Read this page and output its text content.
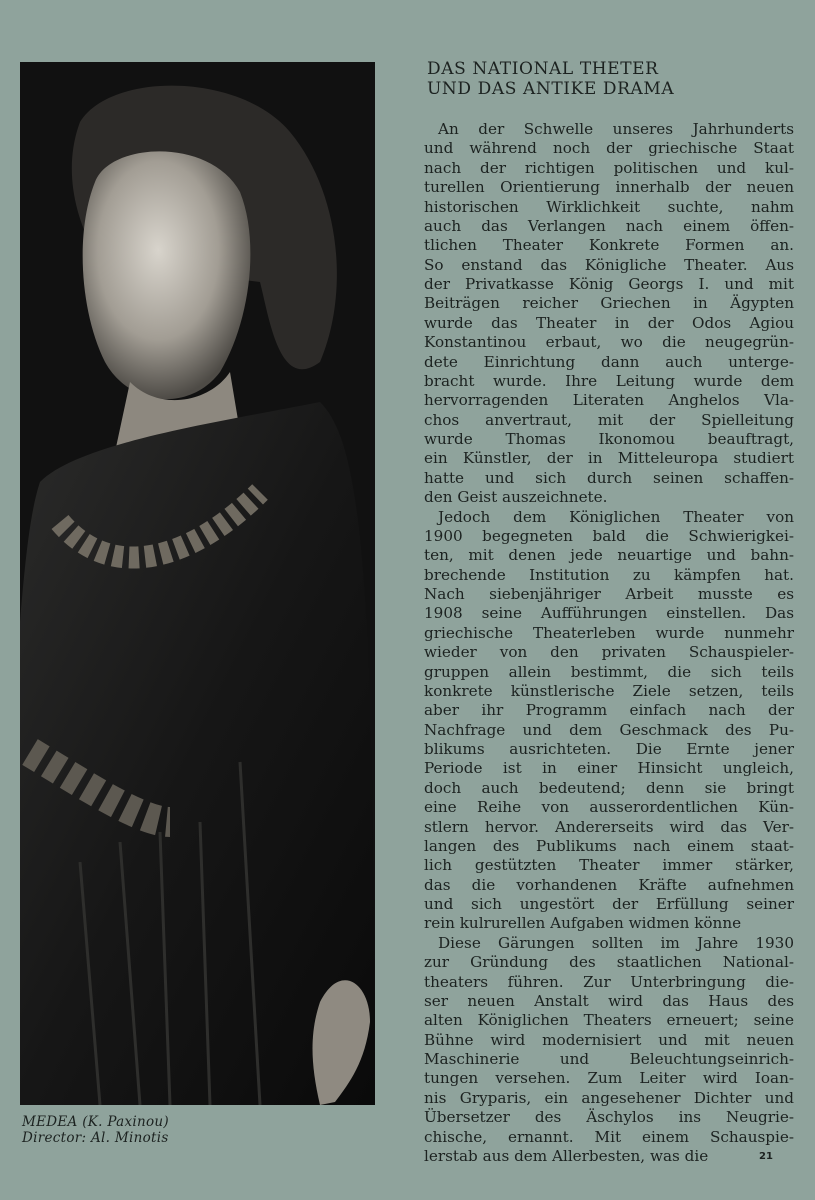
MEDEA (K. Paxinou)
Director: Al. Minotis
DAS NATIONAL THETER
UND DAS ANTIKE DRAMA
An der Schwelle unseres Jahrhunderts
und während noch der griechische Staat
nach der richtigen politischen und kul-
turellen Orientierung innerhalb der neuen
historischen Wirklichkeit suchte, nahm
auch das Verlangen nach einem öffen-
tlichen Theater Konkrete Formen an.
So enstand das Königliche Theater. Aus
der Privatkasse König Georgs I. und mit
Beiträgen reicher Griechen in Ägypten
wurde das Theater in der Odos Agiou
Konstantinou erbaut, wo die neugegrün-
dete Einrichtung dann auch unterge-
bracht wurde. Ihre Leitung wurde dem
hervorragenden Literaten Anghelos Vla-
chos anvertraut, mit der Spielleitung
wurde Thomas Ikonomou beauftragt,
ein Künstler, der in Mitteleuropa studiert
hatte und sich durch seinen schaffen-
den Geist auszeichnete.
Jedoch dem Königlichen Theater von
1900 begegneten bald die Schwierigkei-
ten, mit denen jede neuartige und bahn-
brechende Institution zu kämpfen hat.
Nach siebenjähriger Arbeit musste es
1908 seine Aufführungen einstellen. Das
griechische Theaterleben wurde nunmehr
wieder von den privaten Schauspieler-
gruppen allein bestimmt, die sich teils
konkrete künstlerische Ziele setzen, teils
aber ihr Programm einfach nach der
Nachfrage und dem Geschmack des Pu-
blikums ausrichteten. Die Ernte jener
Periode ist in einer Hinsicht ungleich,
doch auch bedeutend; denn sie bringt
eine Reihe von ausserordentlichen Kün-
stlern hervor. Andererseits wird das Ver-
langen des Publikums nach einem staat-
lich gestützten Theater immer stärker,
das die vorhandenen Kräfte aufnehmen
und sich ungestört der Erfüllung seiner
rein kulrurellen Aufgaben widmen könne
Diese Gärungen sollten im Jahre 1930
zur Gründung des staatlichen National-
theaters führen. Zur Unterbringung die-
ser neuen Anstalt wird das Haus des
alten Königlichen Theaters erneuert; seine
Bühne wird modernisiert und mit neuen
Maschinerie und Beleuchtungseinrich-
tungen versehen. Zum Leiter wird Ioan-
nis Gryparis, ein angesehener Dichter und
Übersetzer des Äschylos ins Neugrie-
chische, ernannt. Mit einem Schauspie-
lerstab aus dem Allerbesten, was die	21
